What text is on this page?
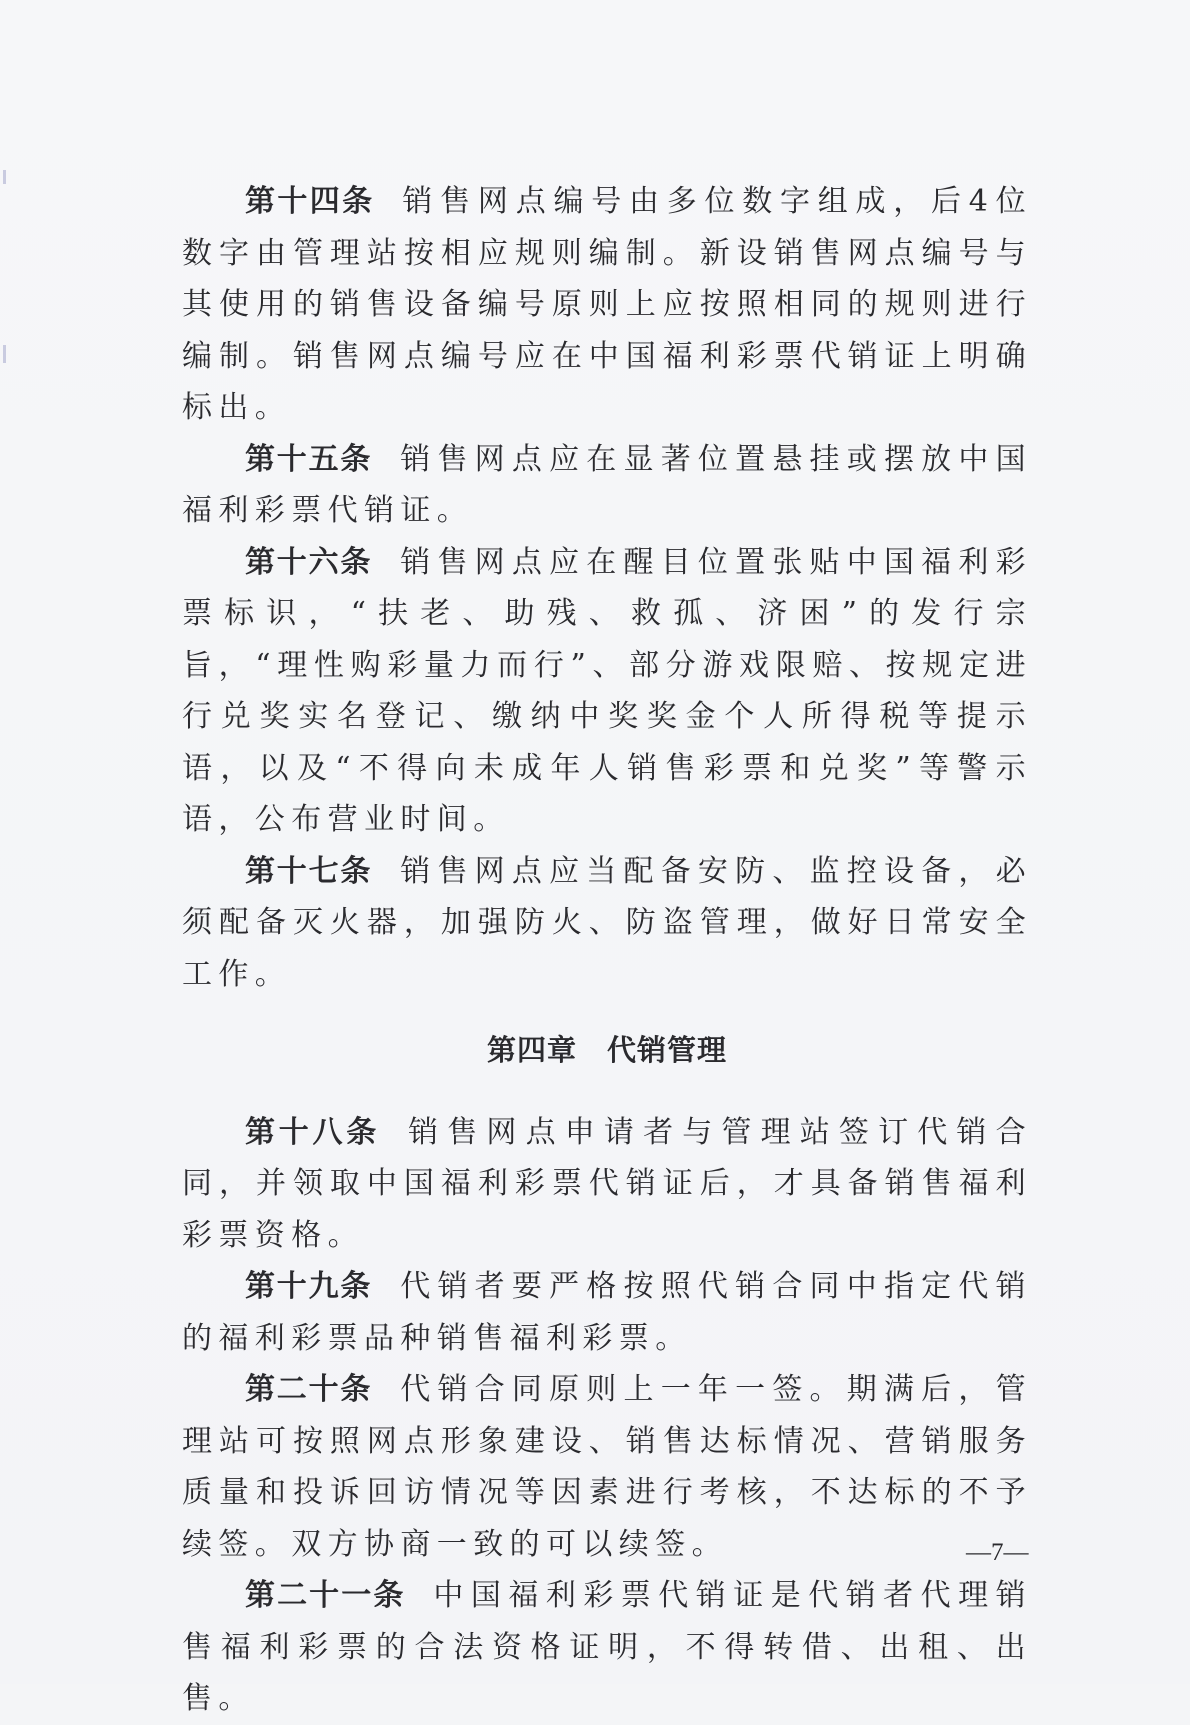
第十四条 销售网点编号由多位数字组成，后4位数字由管理站按相应规则编制。新设销售网点编号与其使用的销售设备编号原则上应按照相同的规则进行编制。销售网点编号应在中国福利彩票代销证上明确标出。

第十五条 销售网点应在显著位置悬挂或摆放中国福利彩票代销证。

第十六条 销售网点应在醒目位置张贴中国福利彩票标识，“扶老、助残、救孤、济困”的发行宗旨，“理性购彩量力而行”、部分游戏限赔、按规定进行兑奖实名登记、缴纳中奖奖金个人所得税等提示语，以及“不得向未成年人销售彩票和兑奖”等警示语，公布营业时间。

第十七条 销售网点应当配备安防、监控设备，必须配备灭火器，加强防火、防盗管理，做好日常安全工作。

第四章 代销管理

第十八条 销售网点申请者与管理站签订代销合同，并领取中国福利彩票代销证后，才具备销售福利彩票资格。

第十九条 代销者要严格按照代销合同中指定代销的福利彩票品种销售福利彩票。

第二十条 代销合同原则上一年一签。期满后，管理站可按照网点形象建设、销售达标情况、营销服务质量和投诉回访情况等因素进行考核，不达标的不予续签。双方协商一致的可以续签。

第二十一条 中国福利彩票代销证是代销者代理销售福利彩票的合法资格证明，不得转借、出租、出售。

—7—
